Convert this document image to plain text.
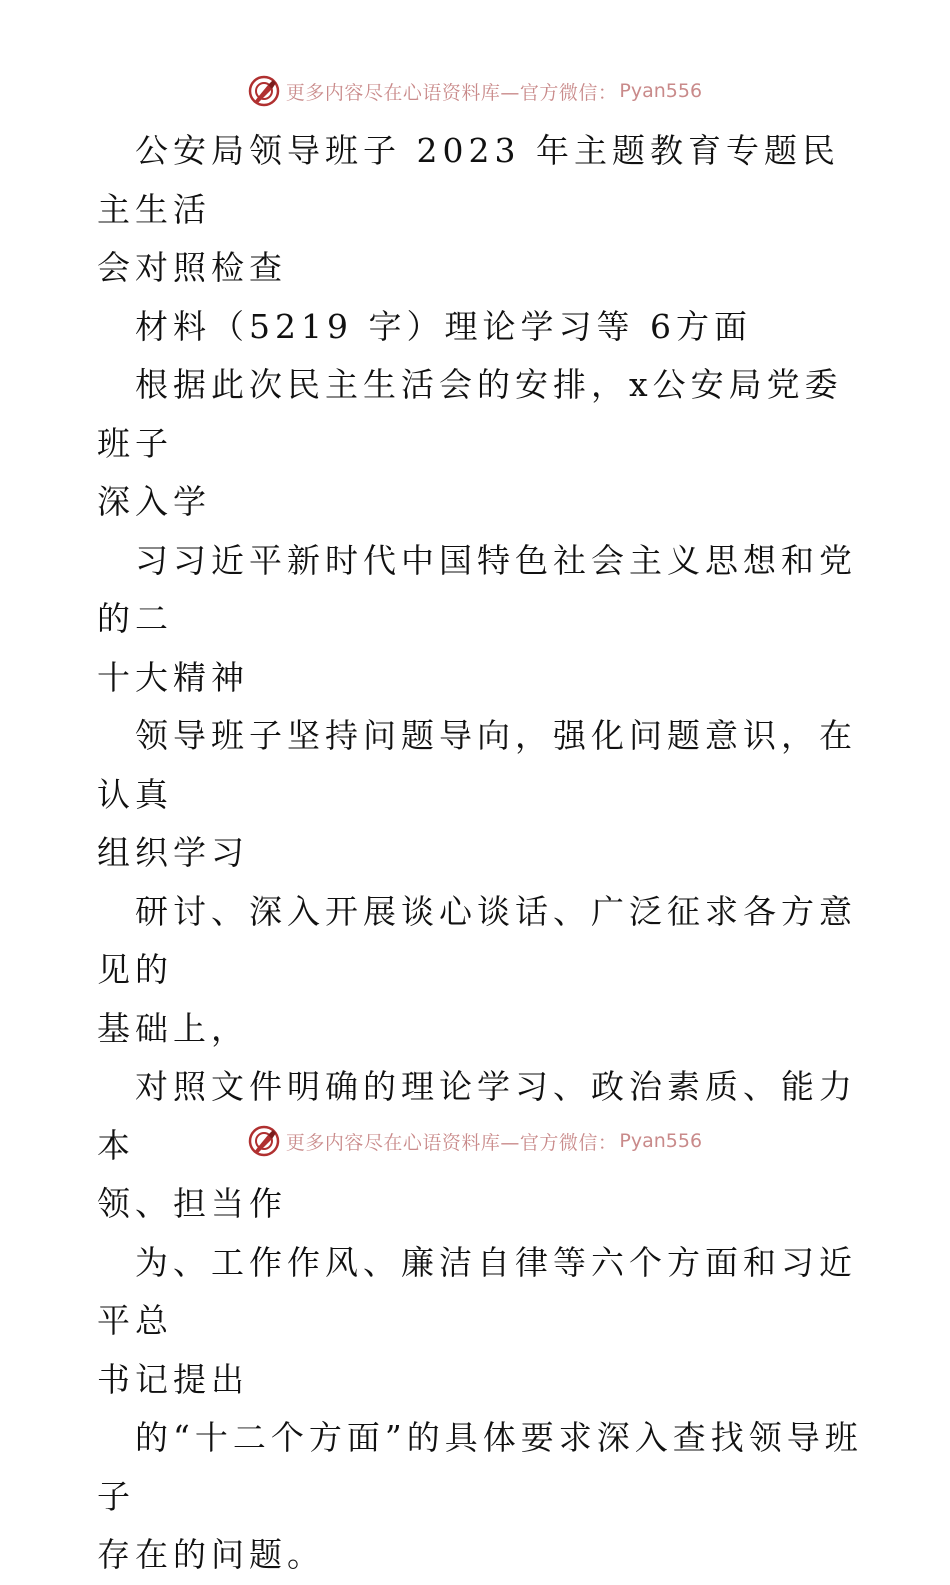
更多内容尽在心语资料库—官方微信： Pyan556

公安局领导班子 2023 年主题教育专题民主生活

会对照检查

材料（5219 字）理论学习等 6方面

根据此次民主生活会的安排，x公安局党委班子

深入学

习习近平新时代中国特色社会主义思想和党的二

十大精神

领导班子坚持问题导向，强化问题意识，在认真

组织学习

研讨、深入开展谈心谈话、广泛征求各方意见的

基础上，

对照文件明确的理论学习、政治素质、能力本

领、担当作

为、工作作风、廉洁自律等六个方面和习近平总

书记提出

的“十二个方面”的具体要求深入查找领导班子

存在的问题。

更多内容尽在心语资料库—官方微信： Pyan556
